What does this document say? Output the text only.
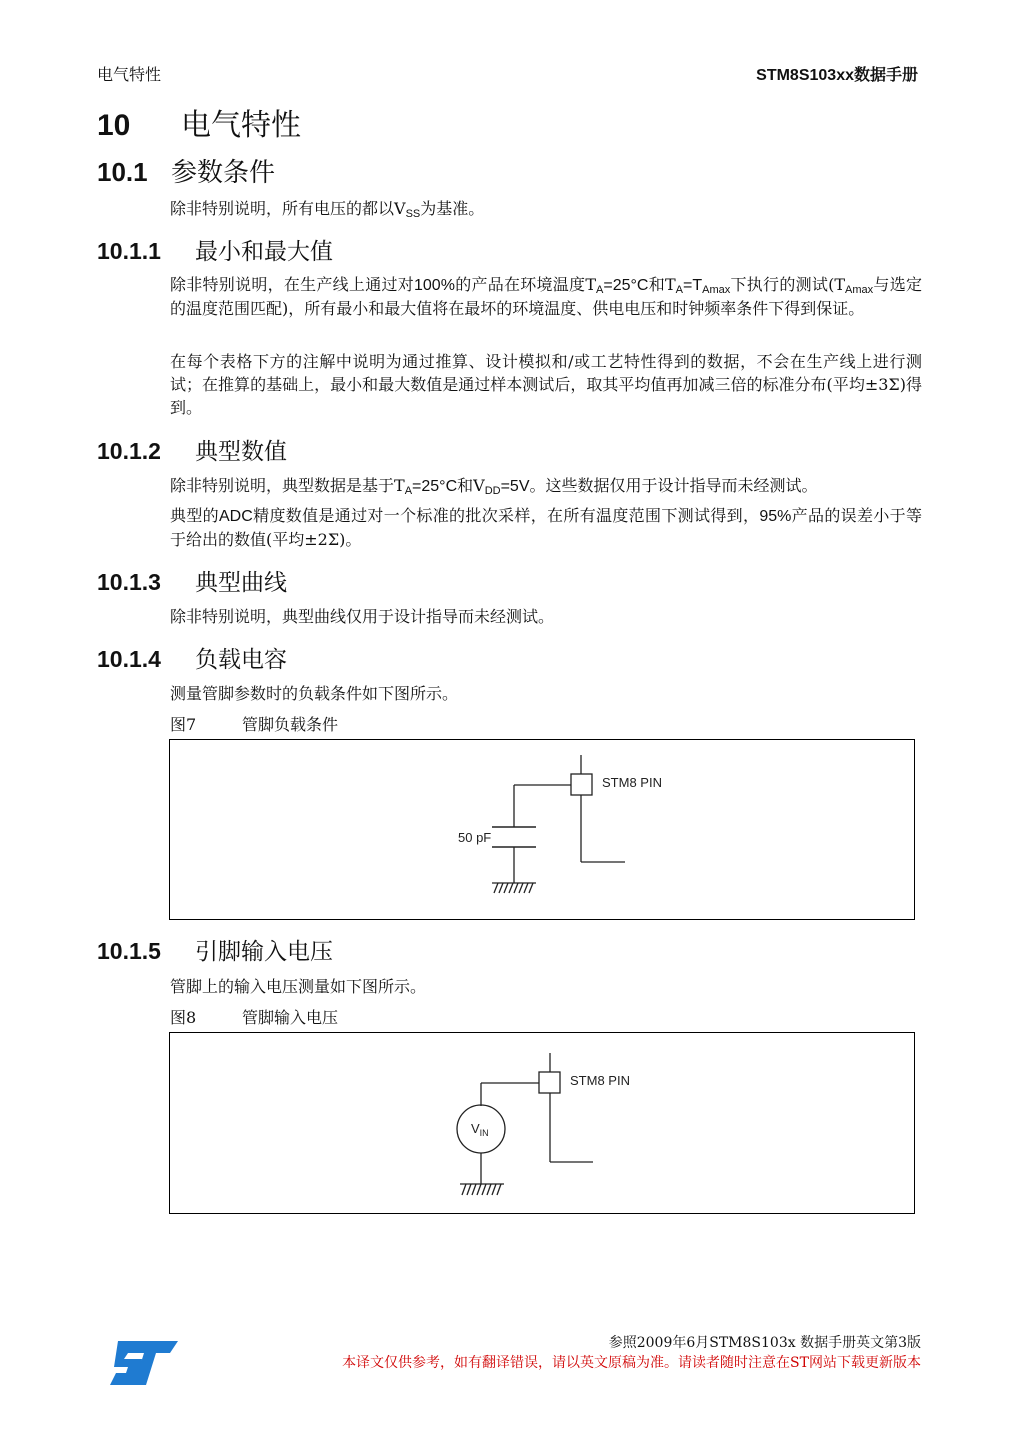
电气特性	STM8S103xx数据手册
10 电气特性
10.1 参数条件
除非特别说明，所有电压的都以$V_{SS}$为基准。
10.1.1 最小和最大值
除非特别说明，在生产线上通过对100%的产品在环境温度$T_A=25^\circ C$和$T_A=T_{Amax}$下执行的测试($T_{Amax}$与选定的温度范围匹配)，所有最小和最大值将在最坏的环境温度、供电电压和时钟频率条件下得到保证。
在每个表格下方的注解中说明为通过推算、设计模拟和/或工艺特性得到的数据，不会在生产线上进行测试；在推算的基础上，最小和最大数值是通过样本测试后，取其平均值再加减三倍的标准分布(平均±3Σ)得到。
10.1.2 典型数值
除非特别说明，典型数据是基于$T_A=25^\circ C$和$V_{DD}=5V$。这些数据仅用于设计指导而未经测试。
典型的ADC精度数值是通过对一个标准的批次采样，在所有温度范围下测试得到，95%产品的误差小于等于给出的数值(平均±2Σ)。
10.1.3 典型曲线
除非特别说明，典型曲线仅用于设计指导而未经测试。
10.1.4 负载电容
测量管脚参数时的负载条件如下图所示。
图7	管脚负载条件
STM8 PIN
50 pF
10.1.5 引脚输入电压
管脚上的输入电压测量如下图所示。
图8	管脚输入电压
STM8 PIN
$V_{IN}$
参照2009年6月STM8S103x 数据手册英文第3版
本译文仅供参考，如有翻译错误，请以英文原稿为准。请读者随时注意在ST网站下载更新版本
